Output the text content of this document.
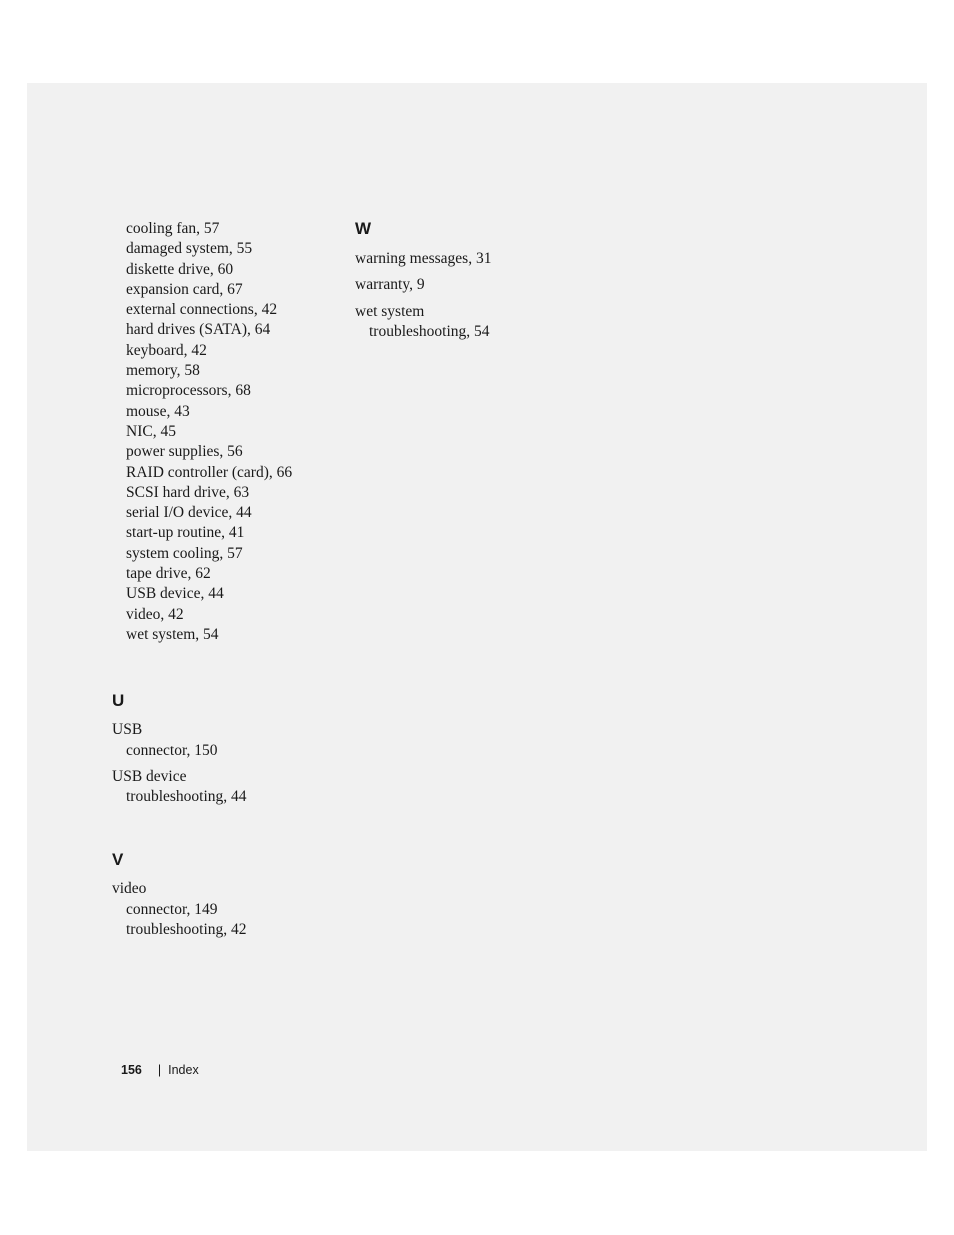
cooling fan, 57
damaged system, 55
diskette drive, 60
expansion card, 67
external connections, 42
hard drives (SATA), 64
keyboard, 42
memory, 58
microprocessors, 68
mouse, 43
NIC, 45
power supplies, 56
RAID controller (card), 66
SCSI hard drive, 63
serial I/O device, 44
start-up routine, 41
system cooling, 57
tape drive, 62
USB device, 44
video, 42
wet system, 54
U
USB
connector, 150
USB device
troubleshooting, 44
V
video
connector, 149
troubleshooting, 42
W
warning messages, 31
warranty, 9
wet system
troubleshooting, 54
156 | Index
